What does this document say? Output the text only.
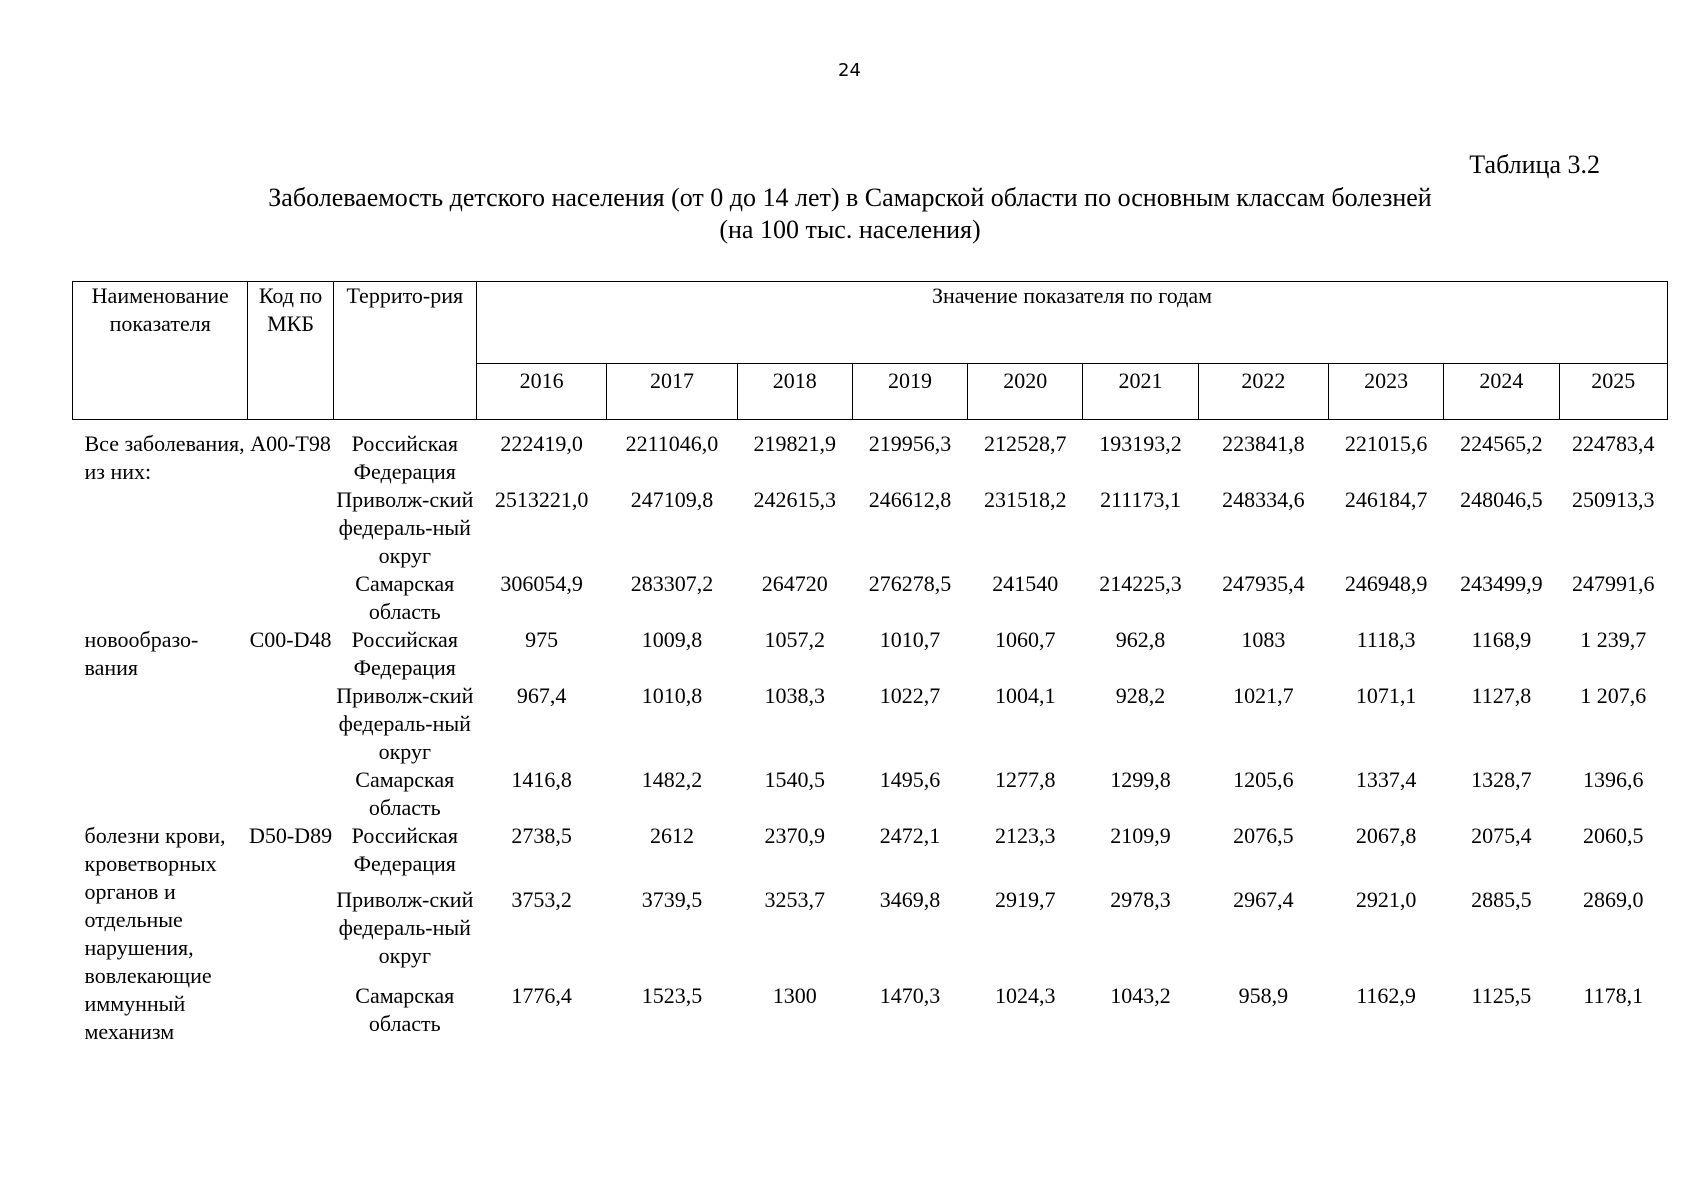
24
Таблица 3.2
Заболеваемость детского населения (от 0 до 14 лет) в Самарской области по основным классам болезней
(на 100 тыс. населения)
Наименование показателя	Код по МКБ	Террито-рия	Значение показателя по годам									
			2016	2017	2018	2019	2020	2021	2022	2023	2024	2025
Все заболевания, из них:	A00-T98	Российская Федерация	222419,0	2211046,0	219821,9	219956,3	212528,7	193193,2	223841,8	221015,6	224565,2	224783,4
		Приволж-ский федераль-ный округ	2513221,0	247109,8	242615,3	246612,8	231518,2	211173,1	248334,6	246184,7	248046,5	250913,3
		Самарская область	306054,9	283307,2	264720	276278,5	241540	214225,3	247935,4	246948,9	243499,9	247991,6
новообразо-вания	C00-D48	Российская Федерация	975	1009,8	1057,2	1010,7	1060,7	962,8	1083	1118,3	1168,9	1 239,7
		Приволж-ский федераль-ный округ	967,4	1010,8	1038,3	1022,7	1004,1	928,2	1021,7	1071,1	1127,8	1 207,6
		Самарская область	1416,8	1482,2	1540,5	1495,6	1277,8	1299,8	1205,6	1337,4	1328,7	1396,6
болезни крови, кроветворных органов и отдельные нарушения, вовлекающие иммунный механизм	D50-D89	Российская Федерация	2738,5	2612	2370,9	2472,1	2123,3	2109,9	2076,5	2067,8	2075,4	2060,5
		Приволж-ский федераль-ный округ	3753,2	3739,5	3253,7	3469,8	2919,7	2978,3	2967,4	2921,0	2885,5	2869,0
		Самарская область	1776,4	1523,5	1300	1470,3	1024,3	1043,2	958,9	1162,9	1125,5	1178,1
